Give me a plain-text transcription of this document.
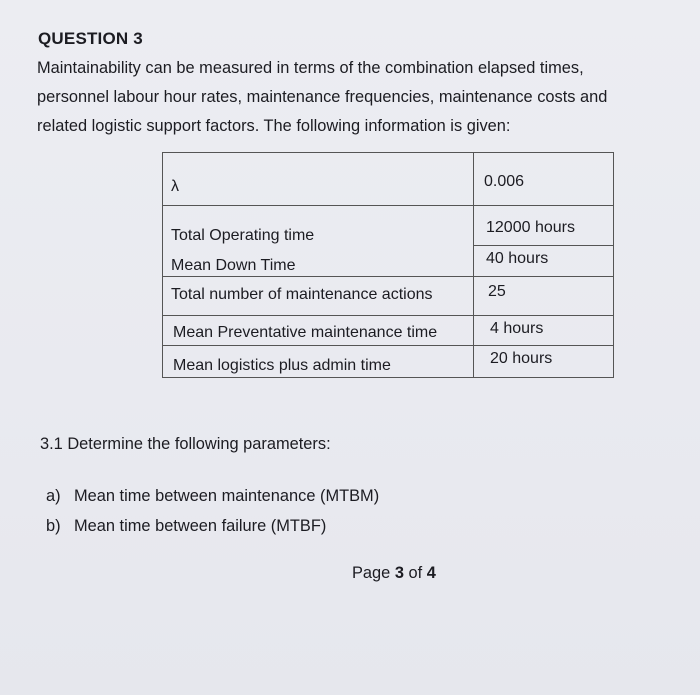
QUESTION 3
Maintainability can be measured in terms of the combination elapsed times,
personnel labour hour rates, maintenance frequencies, maintenance costs and
related logistic support factors. The following information is given:
λ	0.006
Total Operating time	12000 hours
Mean Down Time	40 hours
Total number of maintenance actions	25
Mean Preventative maintenance time	4 hours
Mean logistics plus admin time	20 hours
3.1 Determine the following parameters:
a) Mean time between maintenance (MTBM)
b) Mean time between failure (MTBF)
Page 3 of 4
